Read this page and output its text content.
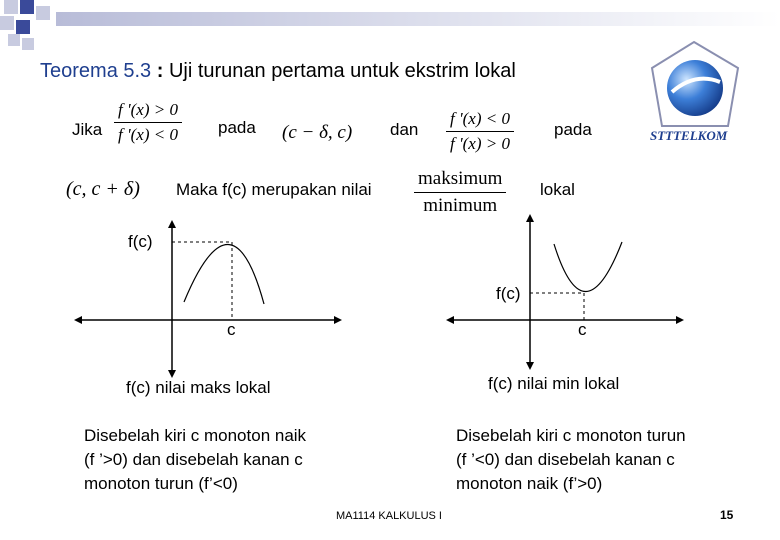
Teorema 5.3 : Uji turunan pertama untuk ekstrim lokal
STTTELKOM
Jika $\frac{f '(x) > 0}{f '(x) < 0}$ pada (c − δ, c) dan $\frac{f '(x) < 0}{f '(x) > 0}$ pada
(c, c + δ) Maka f(c) merupakan nilai
maksimum
minimum
lokal
f(c)
c
f(c)
c
f(c) nilai maks lokal	f(c) nilai min lokal
Disebelah kiri c monoton naik
(f ’>0) dan disebelah kanan c
monoton turun (f’<0)
Disebelah kiri c monoton turun
(f ’<0) dan disebelah kanan c
monoton naik (f’>0)
MA1114 KALKULUS I	15
